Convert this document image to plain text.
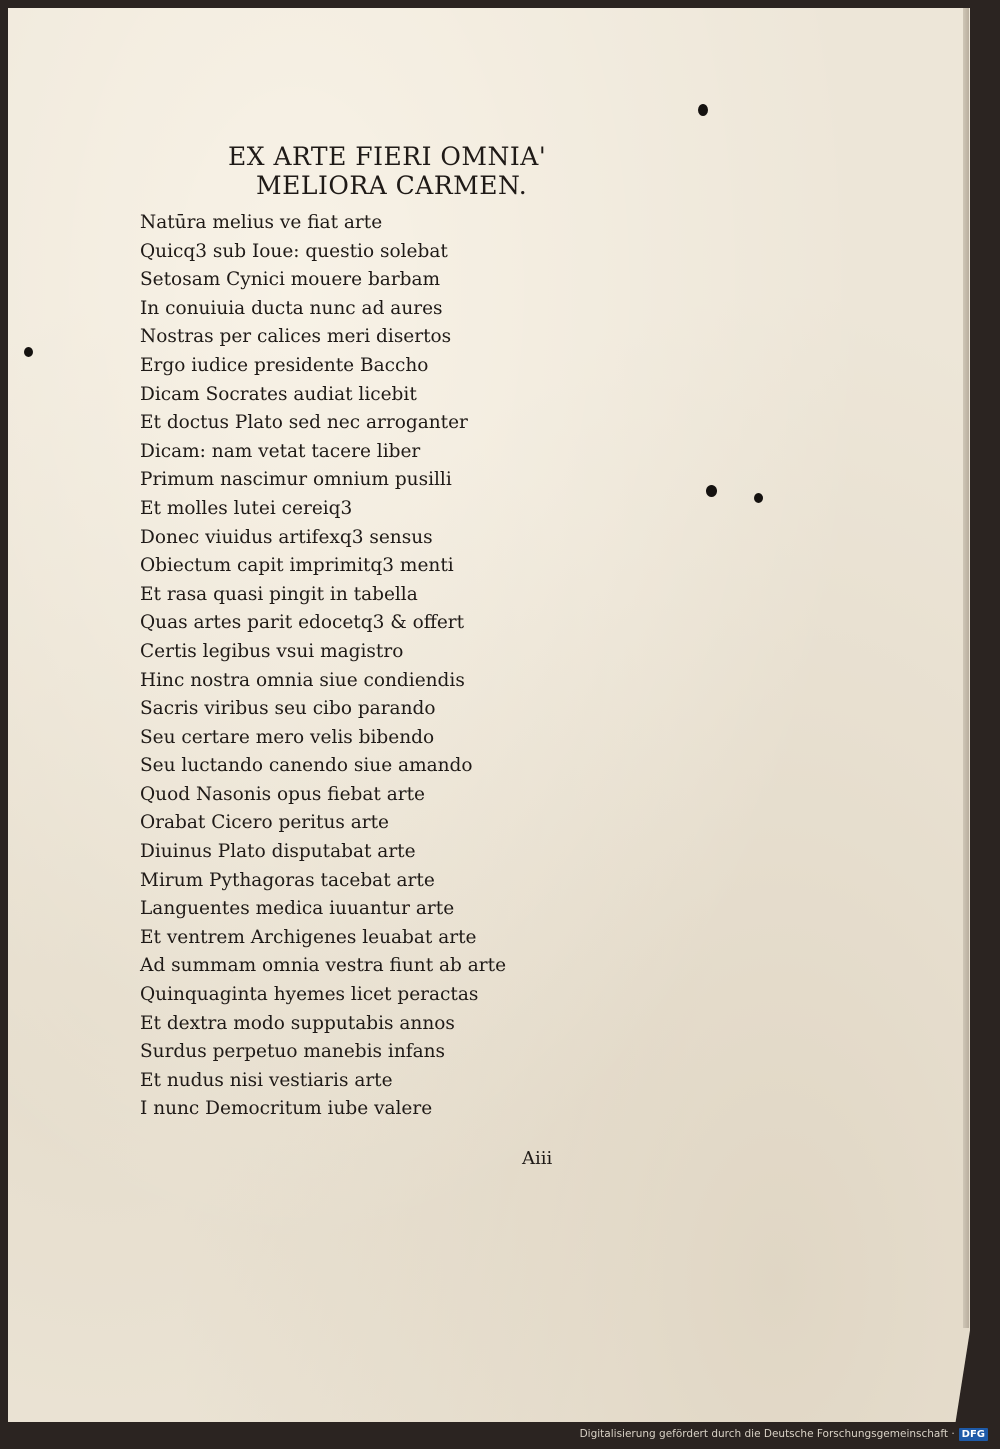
EX ARTE FIERI OMNIA'
MELIORA CARMEN.
Natūra melius ve fiat arte
Quicq3 sub Ioue: questio solebat
Setosam Cynici mouere barbam
In conuiuia ducta nunc ad aures
Nostras per calices meri disertos
Ergo iudice presidente Baccho
Dicam Socrates audiat licebit
Et doctus Plato sed nec arroganter
Dicam: nam vetat tacere liber
Primum nascimur omnium pusilli
Et molles lutei cereiq3
Donec viuidus artifexq3 sensus
Obiectum capit imprimitq3 menti
Et rasa quasi pingit in tabella
Quas artes parit edocetq3 & offert
Certis legibus vsui magistro
Hinc nostra omnia siue condiendis
Sacris viribus seu cibo parando
Seu certare mero velis bibendo
Seu luctando canendo siue amando
Quod Nasonis opus fiebat arte
Orabat Cicero peritus arte
Diuinus Plato disputabat arte
Mirum Pythagoras tacebat arte
Languentes medica iuuantur arte
Et ventrem Archigenes leuabat arte
Ad summam omnia vestra fiunt ab arte
Quinquaginta hyemes licet peractas
Et dextra modo supputabis annos
Surdus perpetuo manebis infans
Et nudus nisi vestiaris arte
I nunc Democritum iube valere
Aiii
Digitalisierung gefördert durch die Deutsche Forschungsgemeinschaft · DFG
